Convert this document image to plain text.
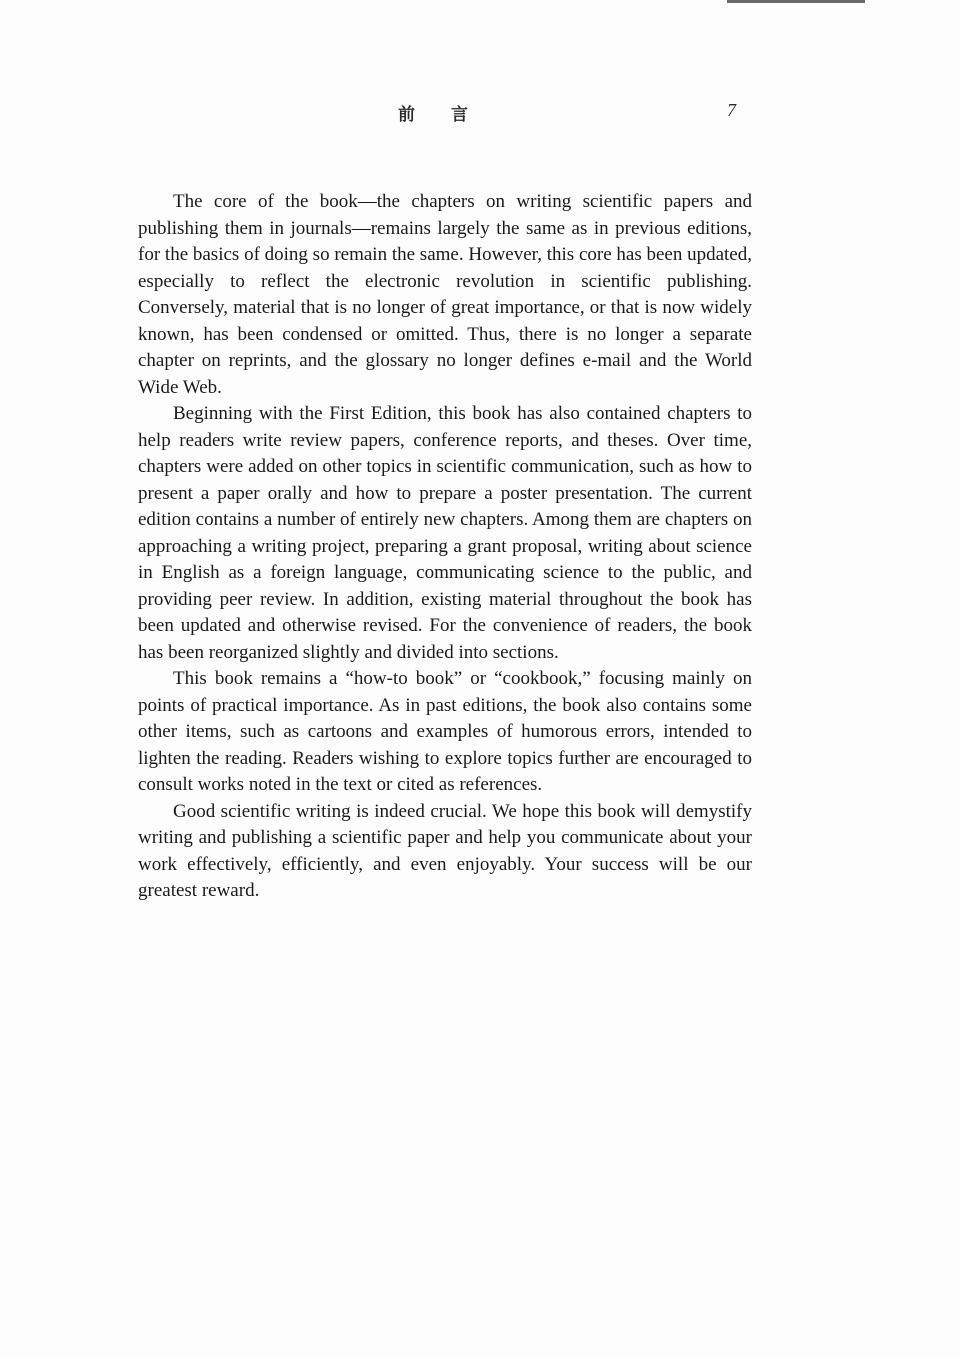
前言	7

The core of the book—the chapters on writing scientific papers and publishing them in journals—remains largely the same as in previous editions, for the basics of doing so remain the same. However, this core has been updated, especially to reflect the electronic revolution in scientific publishing. Conversely, material that is no longer of great importance, or that is now widely known, has been condensed or omitted. Thus, there is no longer a separate chapter on reprints, and the glossary no longer defines e-mail and the World Wide Web.

Beginning with the First Edition, this book has also contained chapters to help readers write review papers, conference reports, and theses. Over time, chapters were added on other topics in scientific communication, such as how to present a paper orally and how to prepare a poster presentation. The current edition contains a number of entirely new chapters. Among them are chapters on approaching a writing project, preparing a grant proposal, writing about science in English as a foreign language, communicating science to the public, and providing peer review. In addition, existing material throughout the book has been updated and otherwise revised. For the convenience of readers, the book has been reorganized slightly and divided into sections.

This book remains a “how-to book” or “cookbook,” focusing mainly on points of practical importance. As in past editions, the book also contains some other items, such as cartoons and examples of humorous errors, intended to lighten the reading. Readers wishing to explore topics further are encouraged to consult works noted in the text or cited as references.

Good scientific writing is indeed crucial. We hope this book will demystify writing and publishing a scientific paper and help you communicate about your work effectively, efficiently, and even enjoyably. Your success will be our greatest reward.
